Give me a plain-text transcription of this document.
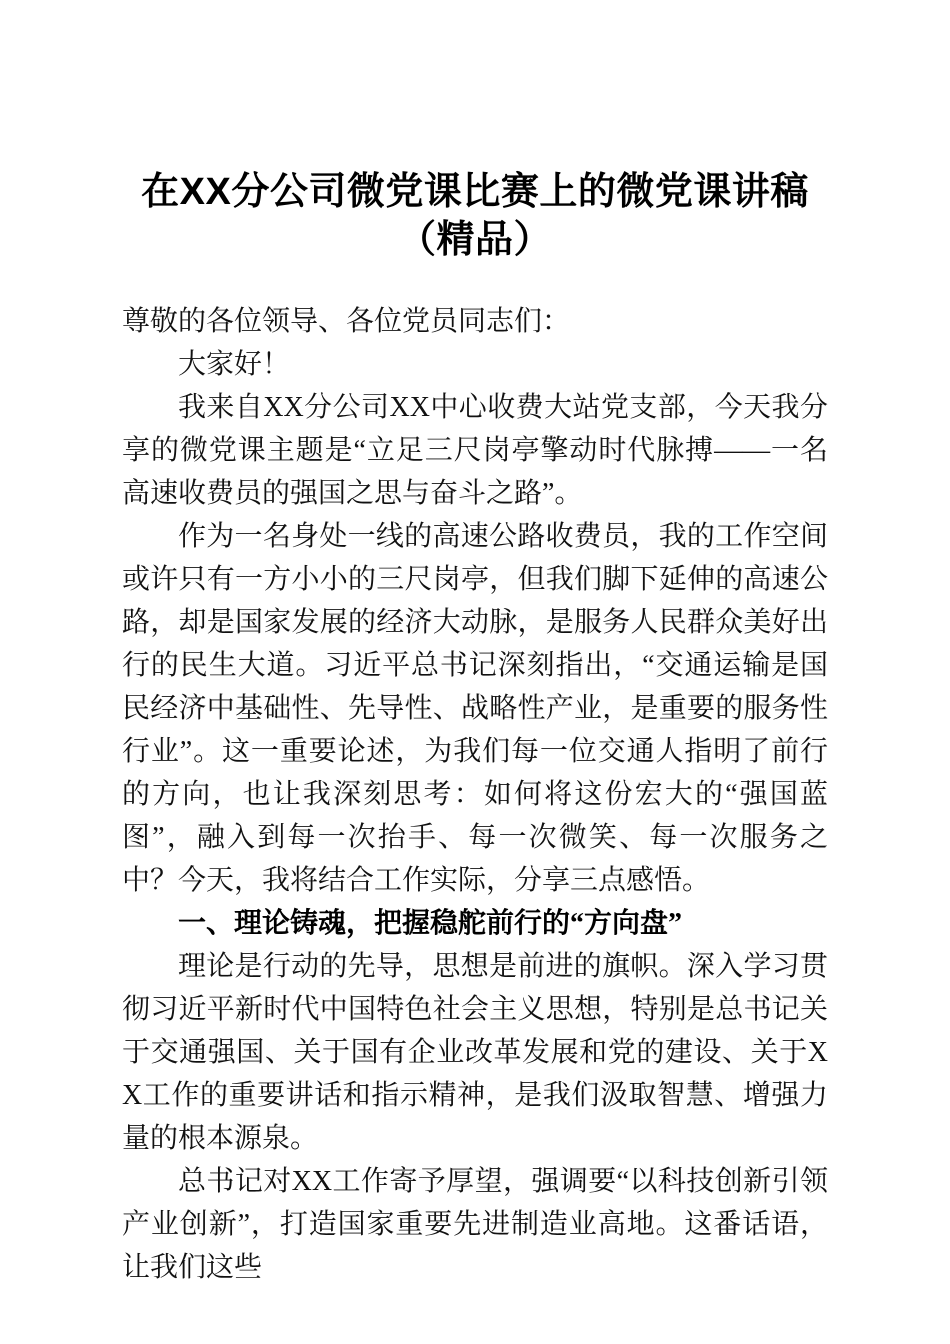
在XX分公司微党课比赛上的微党课讲稿（精品）

尊敬的各位领导、各位党员同志们：

大家好！

我来自XX分公司XX中心收费大站党支部，今天我分享的微党课主题是“立足三尺岗亭擎动时代脉搏——一名高速收费员的强国之思与奋斗之路”。

作为一名身处一线的高速公路收费员，我的工作空间或许只有一方小小的三尺岗亭，但我们脚下延伸的高速公路，却是国家发展的经济大动脉，是服务人民群众美好出行的民生大道。习近平总书记深刻指出，“交通运输是国民经济中基础性、先导性、战略性产业，是重要的服务性行业”。这一重要论述，为我们每一位交通人指明了前行的方向，也让我深刻思考：如何将这份宏大的“强国蓝图”，融入到每一次抬手、每一次微笑、每一次服务之中？今天，我将结合工作实际，分享三点感悟。

一、理论铸魂，把握稳舵前行的“方向盘”

理论是行动的先导，思想是前进的旗帜。深入学习贯彻习近平新时代中国特色社会主义思想，特别是总书记关于交通强国、关于国有企业改革发展和党的建设、关于XX工作的重要讲话和指示精神，是我们汲取智慧、增强力量的根本源泉。

总书记对XX工作寄予厚望，强调要“以科技创新引领产业创新”，打造国家重要先进制造业高地。这番话语，让我们这些
